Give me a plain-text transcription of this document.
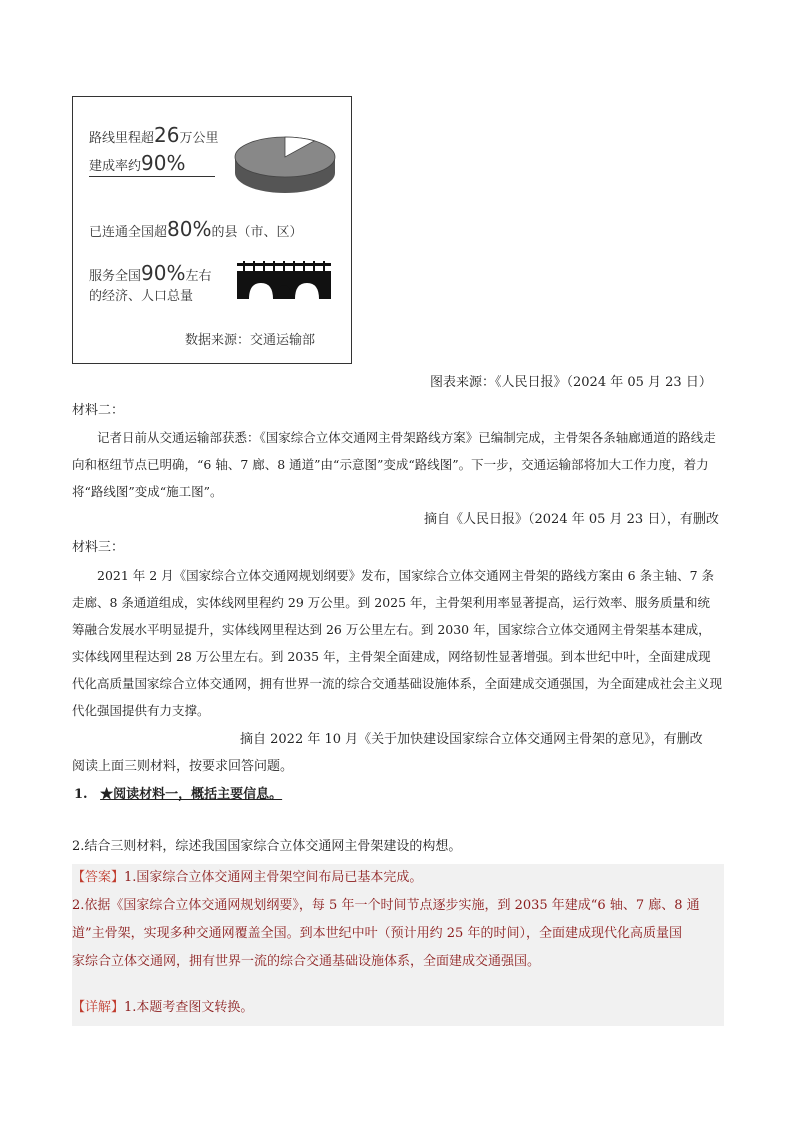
路线里程超26万公里
建成率约90%
已连通全国超80%的县（市、区）
服务全国90%左右
的经济、人口总量
数据来源：交通运输部
图表来源：《人民日报》（2024 年 05 月 23 日）
材料二：
记者日前从交通运输部获悉：《国家综合立体交通网主骨架路线方案》已编制完成，主骨架各条轴廊通道的路线走向和枢纽节点已明确，“6 轴、7 廊、8 通道”由“示意图”变成“路线图”。下一步，交通运输部将加大工作力度，着力将“路线图”变成“施工图”。
摘自《人民日报》（2024 年 05 月 23 日），有删改
材料三：
2021 年 2 月《国家综合立体交通网规划纲要》发布，国家综合立体交通网主骨架的路线方案由 6 条主轴、7 条走廊、8 条通道组成，实体线网里程约 29 万公里。到 2025 年，主骨架利用率显著提高，运行效率、服务质量和统筹融合发展水平明显提升，实体线网里程达到 26 万公里左右。到 2030 年，国家综合立体交通网主骨架基本建成，实体线网里程达到 28 万公里左右。到 2035 年，主骨架全面建成，网络韧性显著增强。到本世纪中叶，全面建成现代化高质量国家综合立体交通网，拥有世界一流的综合交通基础设施体系，全面建成交通强国，为全面建成社会主义现代化强国提供有力支撑。
摘自 2022 年 10 月《关于加快建设国家综合立体交通网主骨架的意见》，有删改
阅读上面三则材料，按要求回答问题。
1. ★阅读材料一，概括主要信息。
2.结合三则材料，综述我国国家综合立体交通网主骨架建设的构想。
【答案】1.国家综合立体交通网主骨架空间布局已基本完成。
2.依据《国家综合立体交通网规划纲要》，每 5 年一个时间节点逐步实施，到 2035 年建成“6 轴、7 廊、8 通
道”主骨架，实现多种交通网覆盖全国。到本世纪中叶（预计用约 25 年的时间），全面建成现代化高质量国
家综合立体交通网，拥有世界一流的综合交通基础设施体系，全面建成交通强国。
【详解】1.本题考查图文转换。
